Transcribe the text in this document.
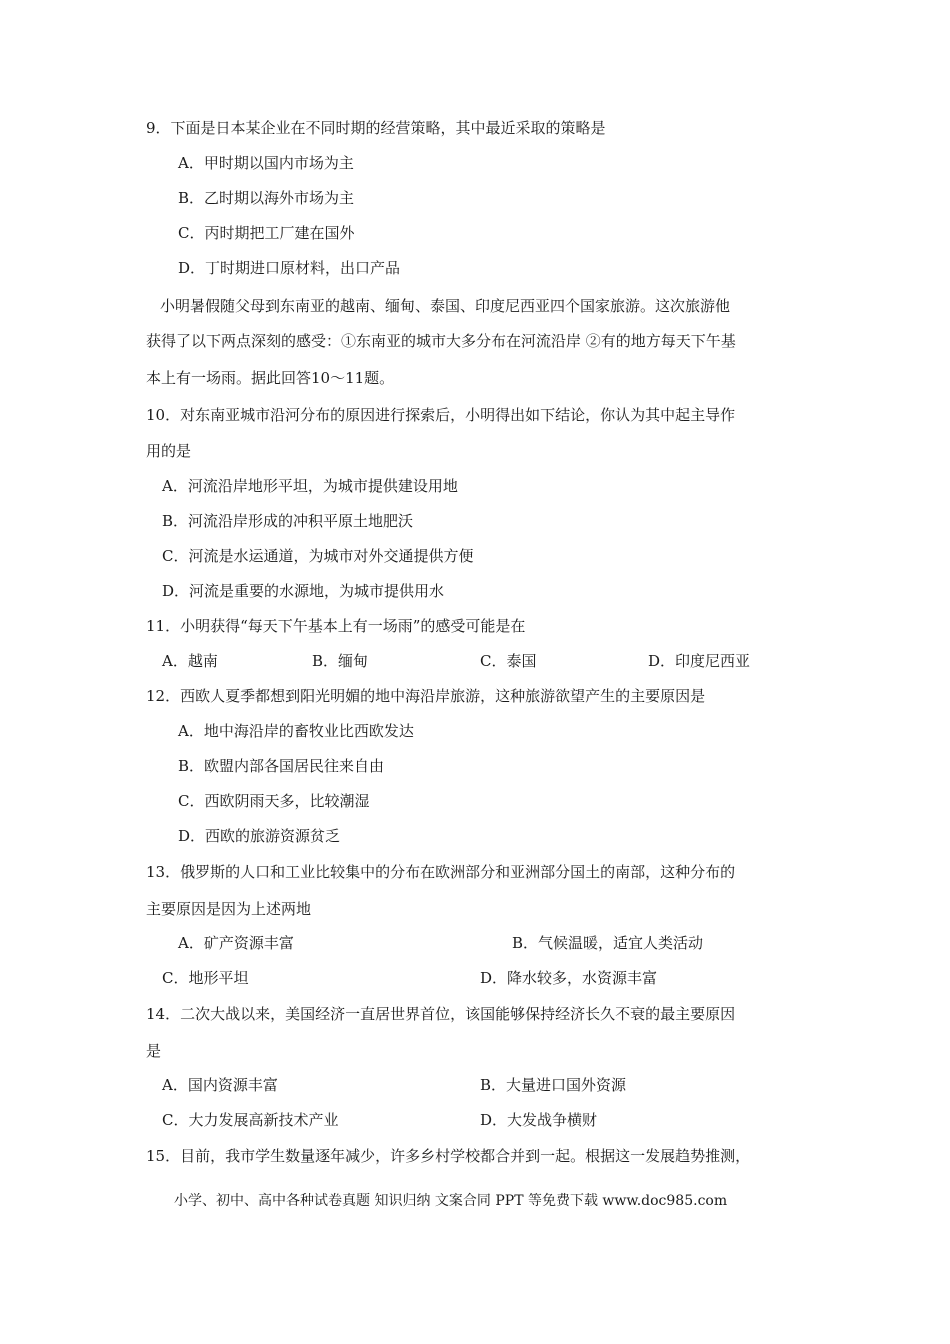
9．下面是日本某企业在不同时期的经营策略，其中最近采取的策略是
A．甲时期以国内市场为主
B．乙时期以海外市场为主
C．丙时期把工厂建在国外
D．丁时期进口原材料，出口产品
小明暑假随父母到东南亚的越南、缅甸、泰国、印度尼西亚四个国家旅游。这次旅游他
获得了以下两点深刻的感受：①东南亚的城市大多分布在河流沿岸 ②有的地方每天下午基
本上有一场雨。据此回答10～11题。
10．对东南亚城市沿河分布的原因进行探索后，小明得出如下结论，你认为其中起主导作
用的是
A．河流沿岸地形平坦，为城市提供建设用地
B．河流沿岸形成的冲积平原土地肥沃
C．河流是水运通道，为城市对外交通提供方便
D．河流是重要的水源地，为城市提供用水
11．小明获得“每天下午基本上有一场雨”的感受可能是在
A．越南	B．缅甸	C．泰国	D．印度尼西亚
12．西欧人夏季都想到阳光明媚的地中海沿岸旅游，这种旅游欲望产生的主要原因是
A．地中海沿岸的畜牧业比西欧发达
B．欧盟内部各国居民往来自由
C．西欧阴雨天多，比较潮湿
D．西欧的旅游资源贫乏
13．俄罗斯的人口和工业比较集中的分布在欧洲部分和亚洲部分国土的南部，这种分布的
主要原因是因为上述两地
A．矿产资源丰富	B．气候温暖，适宜人类活动
C．地形平坦	D．降水较多，水资源丰富
14．二次大战以来，美国经济一直居世界首位，该国能够保持经济长久不衰的最主要原因
是
A．国内资源丰富	B．大量进口国外资源
C．大力发展高新技术产业	D．大发战争横财
15．目前，我市学生数量逐年减少，许多乡村学校都合并到一起。根据这一发展趋势推测，
小学、初中、高中各种试卷真题 知识归纳 文案合同 PPT 等免费下载 www.doc985.com
